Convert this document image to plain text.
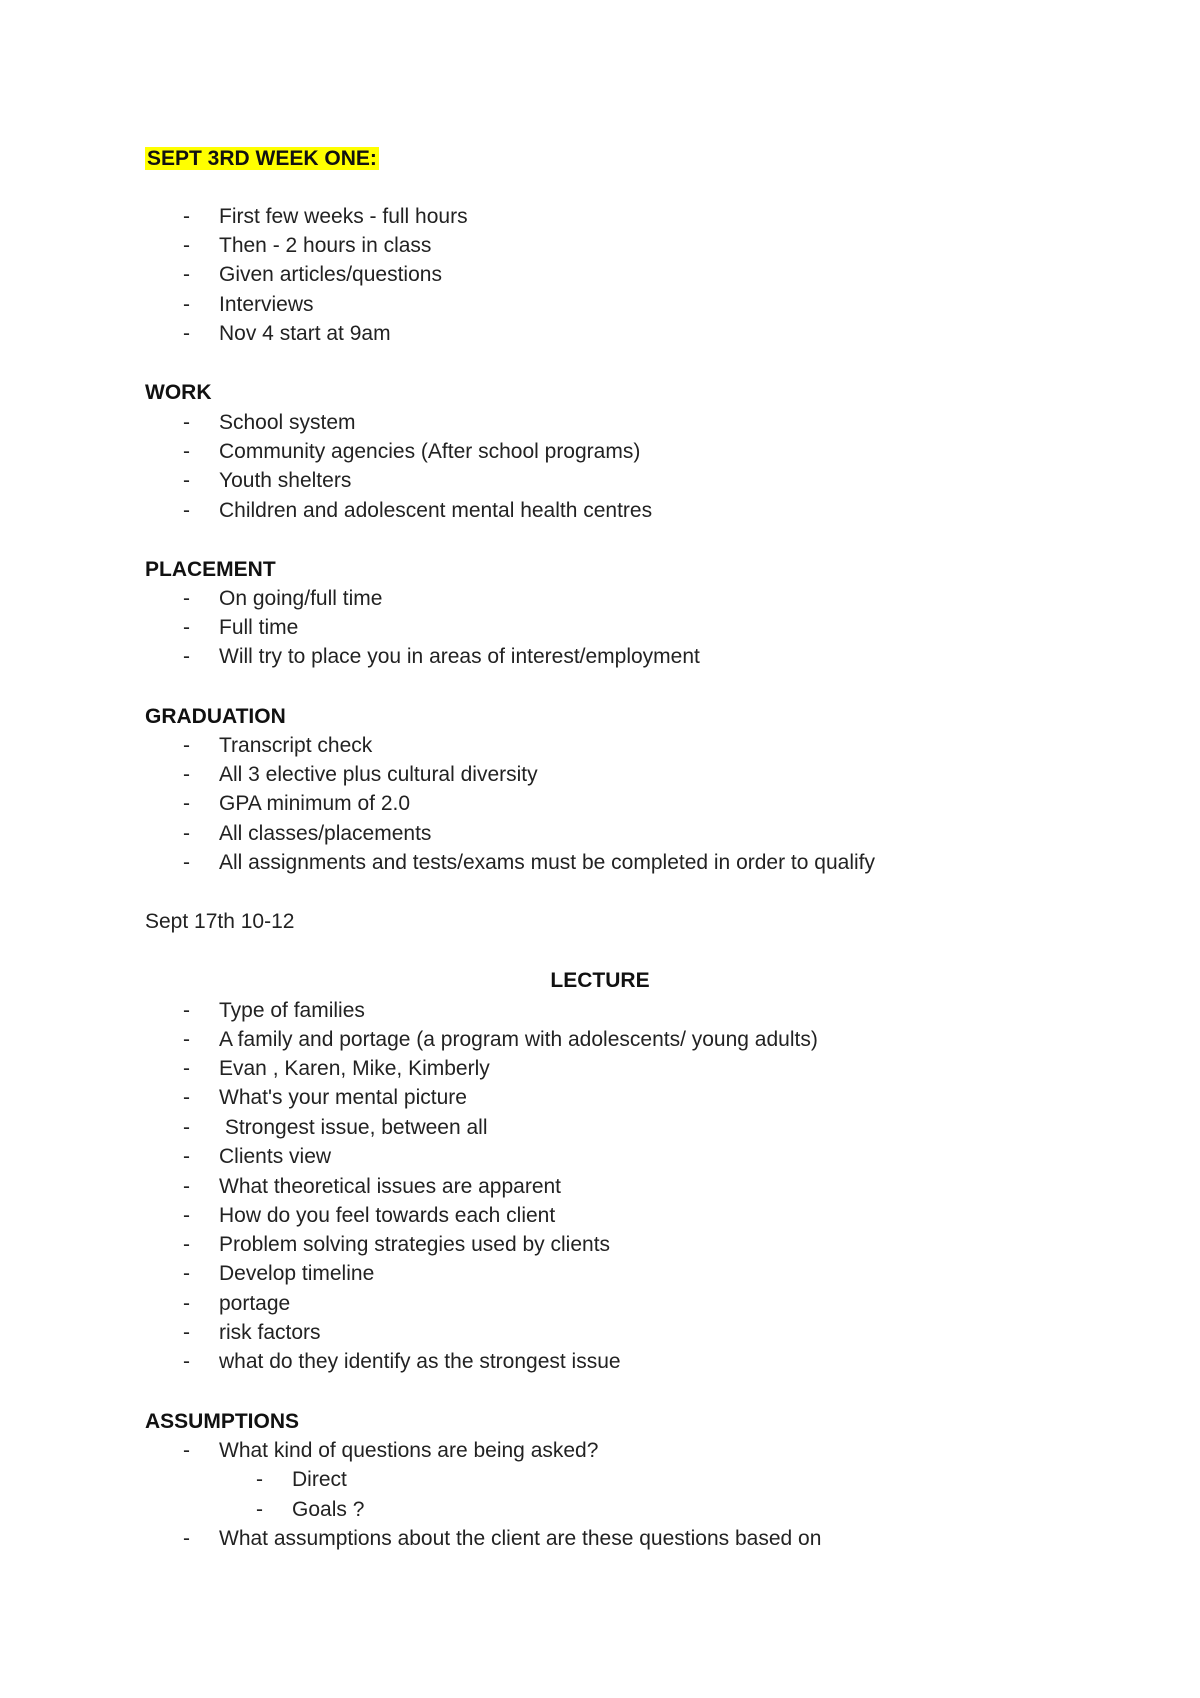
SEPT 3RD WEEK ONE:
- First few weeks - full hours
- Then - 2 hours in class
- Given articles/questions
- Interviews
- Nov 4 start at 9am
WORK
- School system
- Community agencies (After school programs)
- Youth shelters
- Children and adolescent mental health centres
PLACEMENT
- On going/full time
- Full time
- Will try to place you in areas of interest/employment
GRADUATION
- Transcript check
- All 3 elective plus cultural diversity
- GPA minimum of 2.0
- All classes/placements
- All assignments and tests/exams must be completed in order to qualify
Sept 17th 10-12
LECTURE
- Type of families
- A family and portage (a program with adolescents/ young adults)
- Evan , Karen, Mike, Kimberly
- What's your mental picture
- Strongest issue, between all
- Clients view
- What theoretical issues are apparent
- How do you feel towards each client
- Problem solving strategies used by clients
- Develop timeline
- portage
- risk factors
- what do they identify as the strongest issue
ASSUMPTIONS
- What kind of questions are being asked?
- Direct
- Goals ?
- What assumptions about the client are these questions based on
